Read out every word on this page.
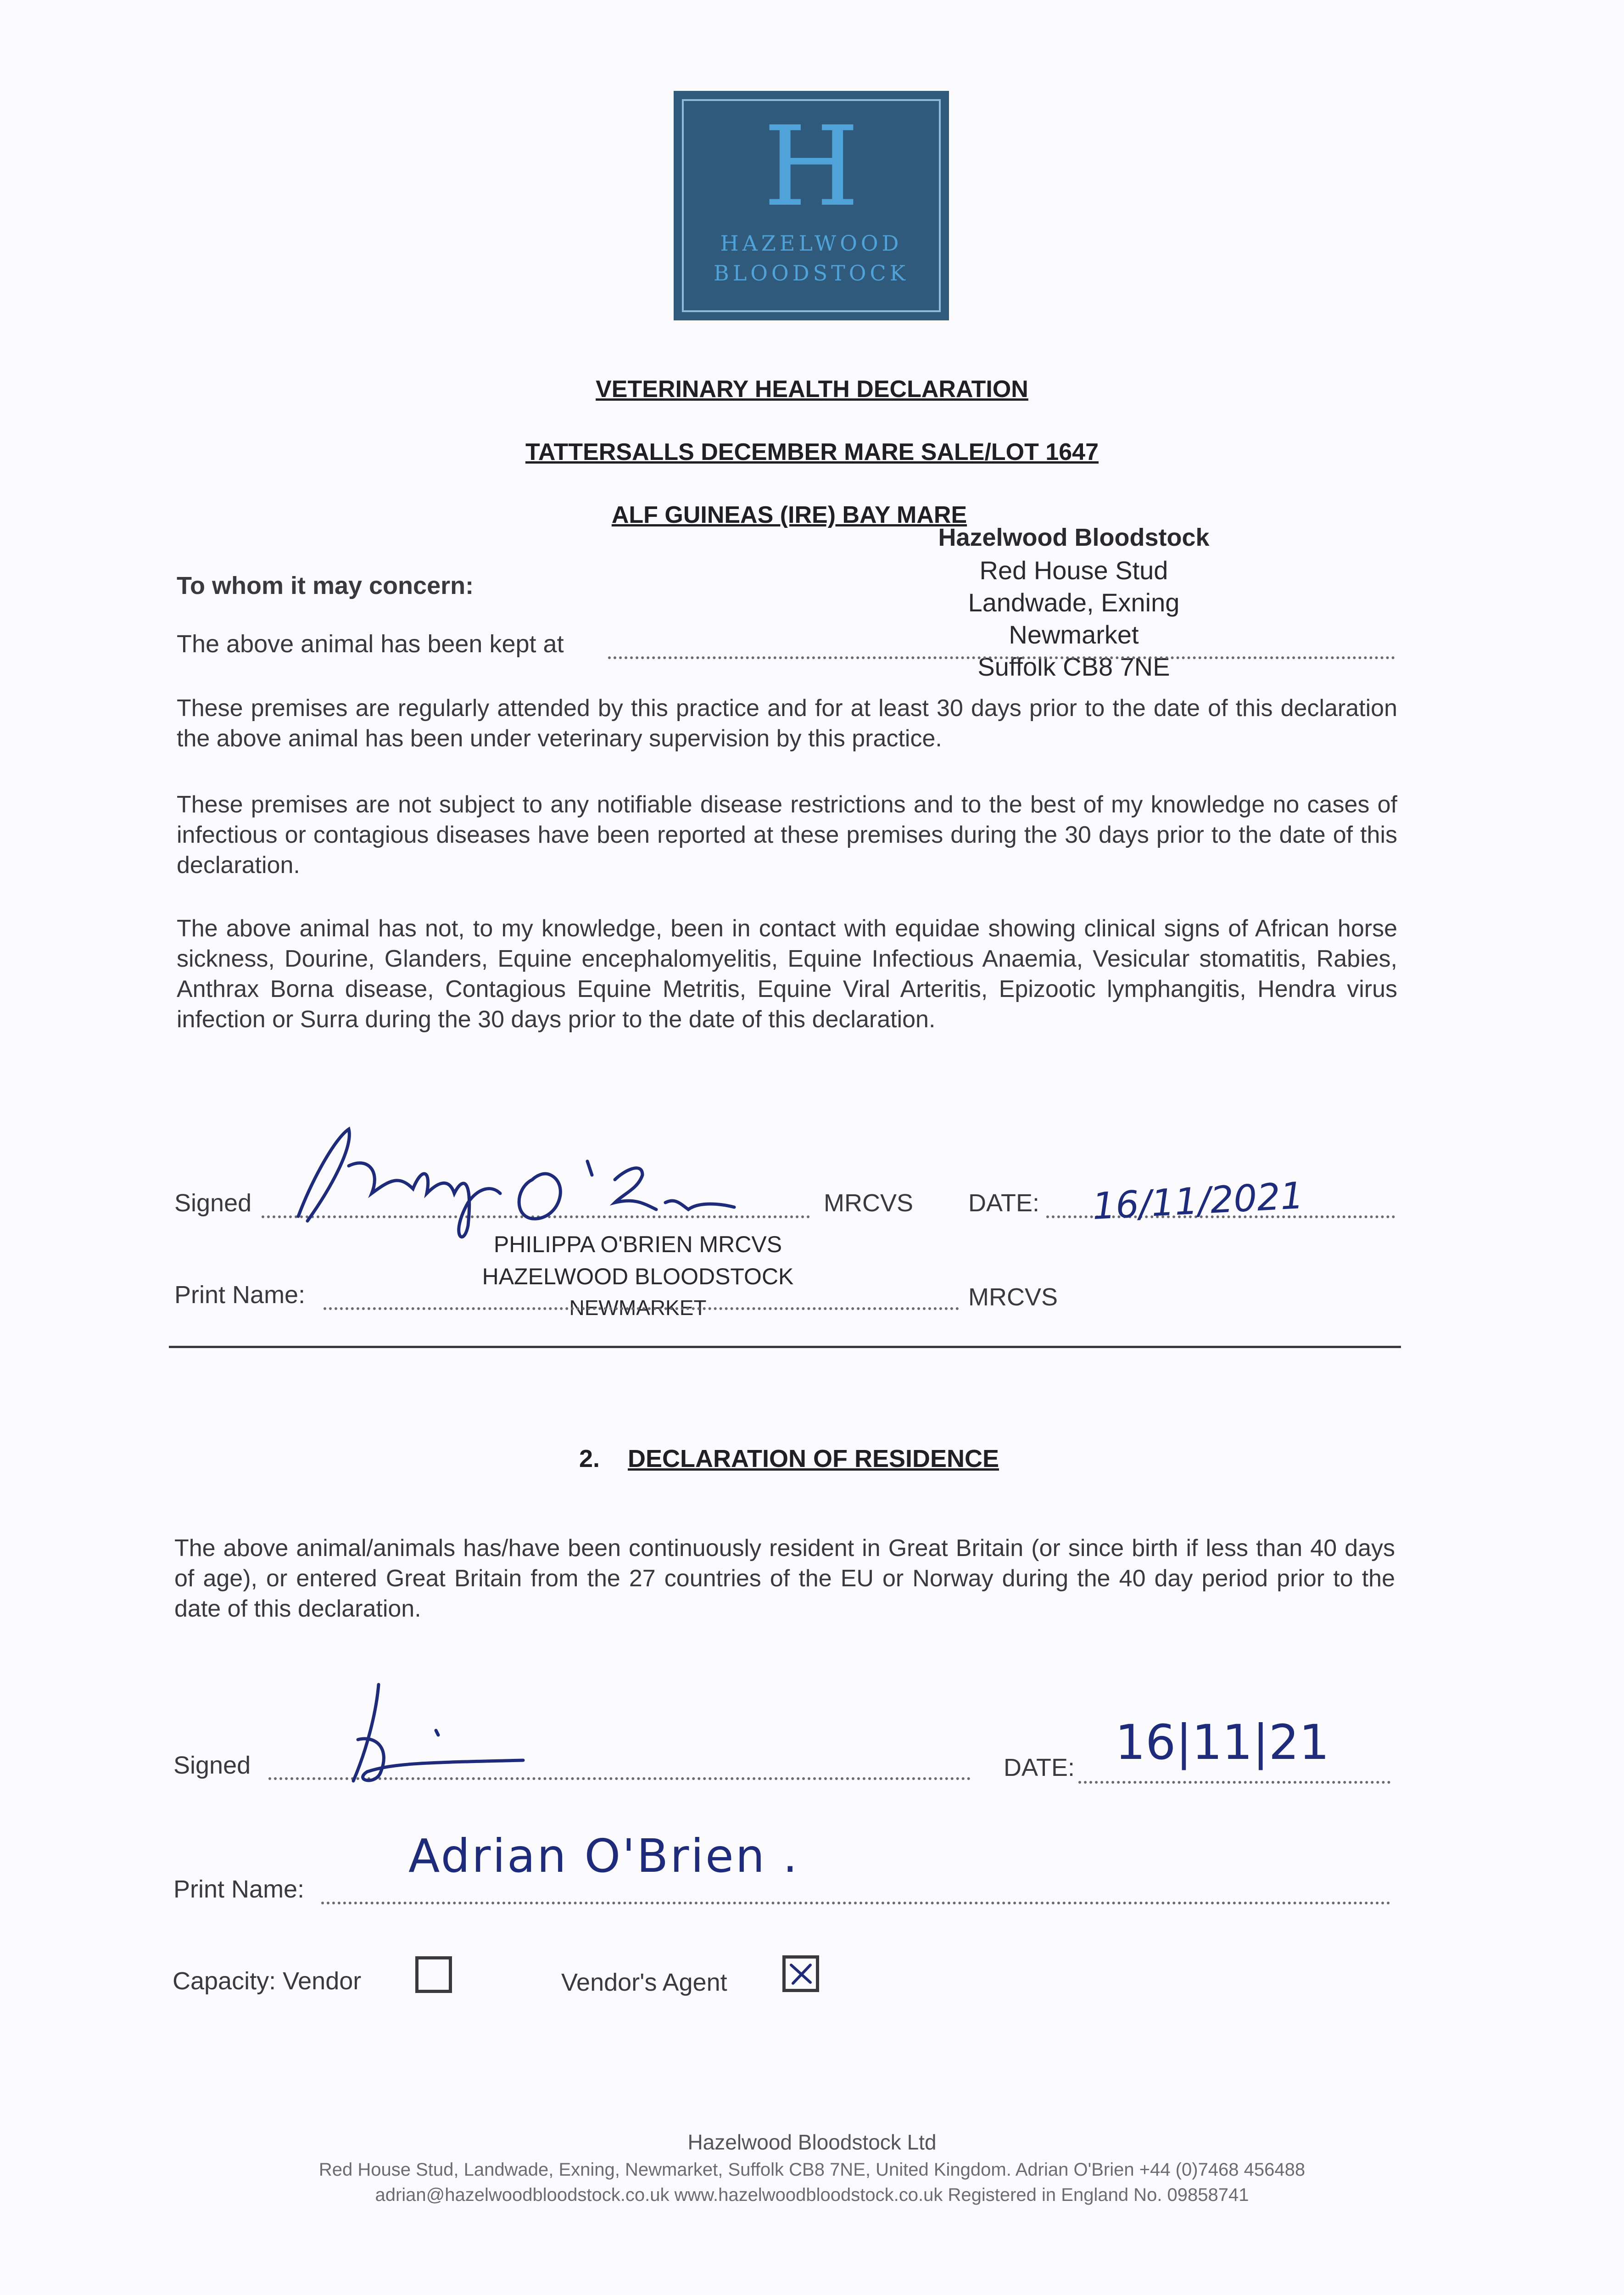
H
HAZELWOOD
BLOODSTOCK
VETERINARY HEALTH DECLARATION
TATTERSALLS DECEMBER MARE SALE/LOT 1647
ALF GUINEAS (IRE) BAY MARE
Hazelwood Bloodstock
Red House Stud
Landwade, Exning
Newmarket
Suffolk CB8 7NE
To whom it may concern:
The above animal has been kept at
These premises are regularly attended by this practice and for at least 30 days prior to the date of this declaration the above animal has been under veterinary supervision by this practice.
These premises are not subject to any notifiable disease restrictions and to the best of my knowledge no cases of infectious or contagious diseases have been reported at these premises during the 30 days prior to the date of this declaration.
The above animal has not, to my knowledge, been in contact with equidae showing clinical signs of African horse sickness, Dourine, Glanders, Equine encephalomyelitis, Equine Infectious Anaemia, Vesicular stomatitis, Rabies, Anthrax Borna disease, Contagious Equine Metritis, Equine Viral Arteritis, Epizootic lymphangitis, Hendra virus infection or Surra during the 30 days prior to the date of this declaration.
Signed	MRCVS DATE: 16/11/2021
PHILIPPA O'BRIEN MRCVS
HAZELWOOD BLOODSTOCK
NEWMARKET
Print Name:	MRCVS
2. DECLARATION OF RESIDENCE
The above animal/animals has/have been continuously resident in Great Britain (or since birth if less than 40 days of age), or entered Great Britain from the 27 countries of the EU or Norway during the 40 day period prior to the date of this declaration.
Signed	DATE: 16|11|21
Print Name:
Adrian O'Brien .
Capacity: Vendor	Vendor's Agent
Hazelwood Bloodstock Ltd
Red House Stud, Landwade, Exning, Newmarket, Suffolk CB8 7NE, United Kingdom. Adrian O'Brien +44 (0)7468 456488
adrian@hazelwoodbloodstock.co.uk www.hazelwoodbloodstock.co.uk Registered in England No. 09858741
